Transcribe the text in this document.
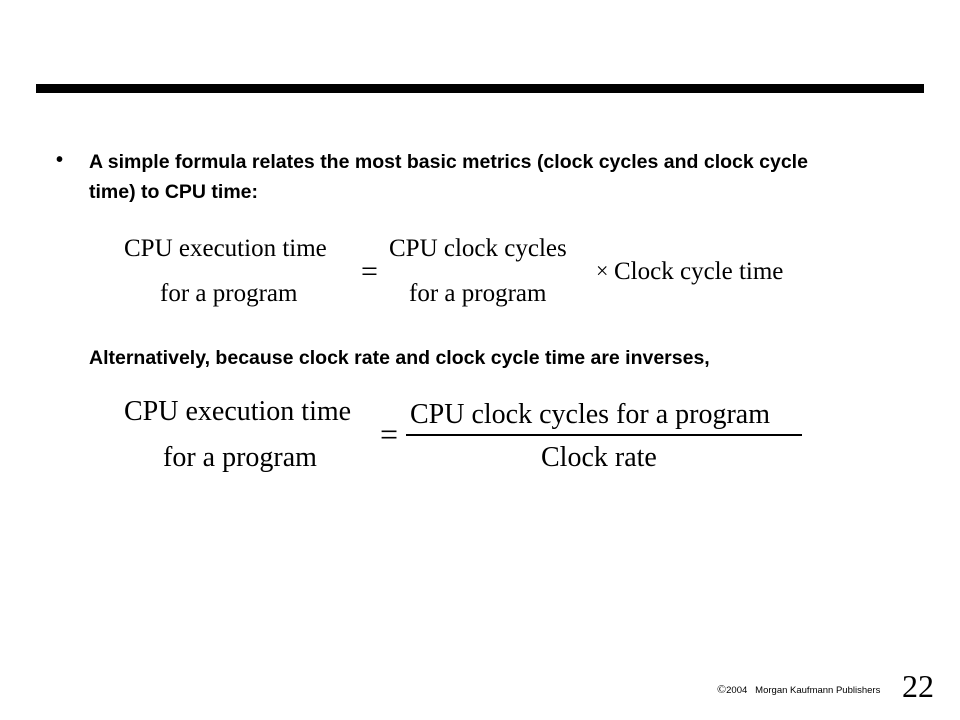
• A simple formula relates the most basic metrics (clock cycles and clock cycle time) to CPU time:
CPU execution time
for a program
=
CPU clock cycles
for a program
× Clock cycle time
Alternatively, because clock rate and clock cycle time are inverses,
CPU execution time
for a program
=
CPU clock cycles for a program
Clock rate
©2004   Morgan Kaufmann Publishers 22
